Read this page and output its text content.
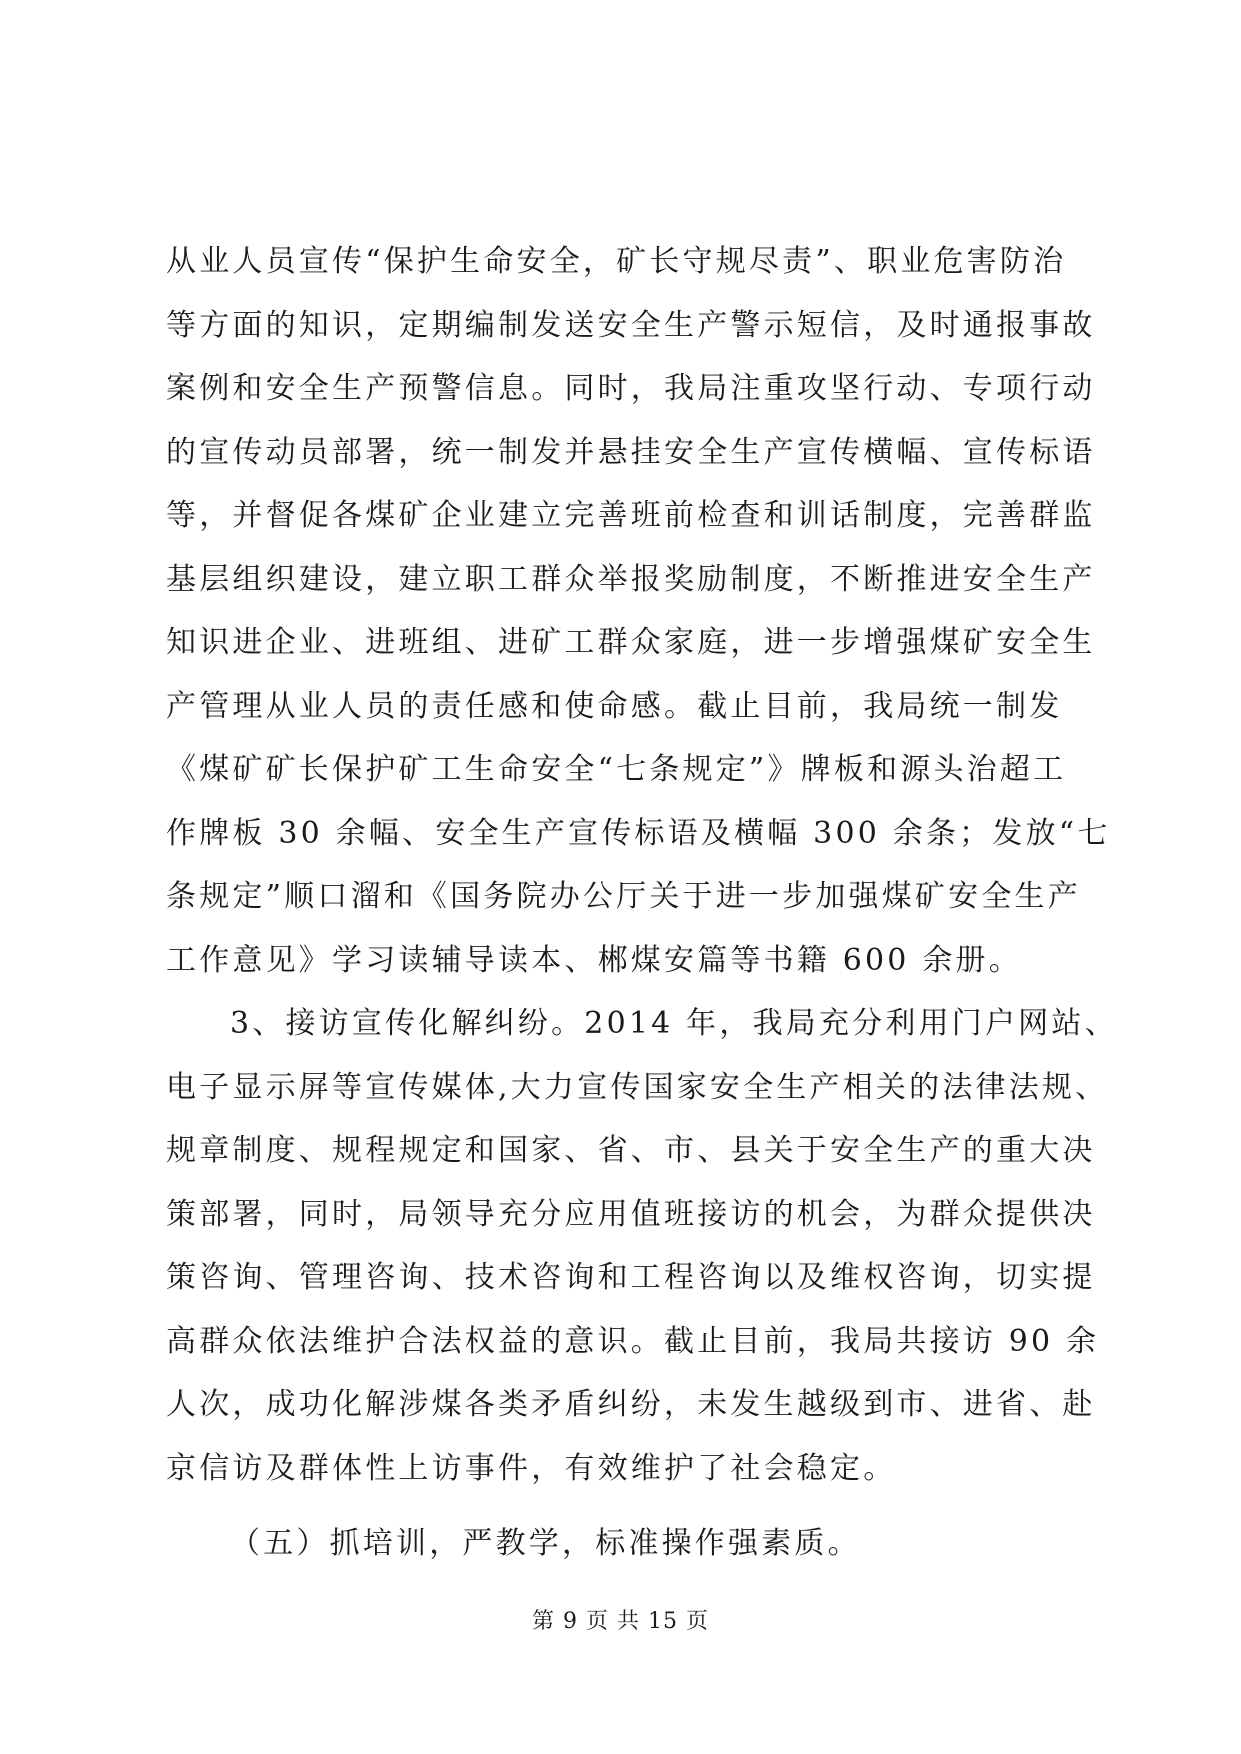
从业人员宣传“保护生命安全，矿长守规尽责”、职业危害防治
等方面的知识，定期编制发送安全生产警示短信，及时通报事故
案例和安全生产预警信息。同时，我局注重攻坚行动、专项行动
的宣传动员部署，统一制发并悬挂安全生产宣传横幅、宣传标语
等，并督促各煤矿企业建立完善班前检查和训话制度，完善群监
基层组织建设，建立职工群众举报奖励制度，不断推进安全生产
知识进企业、进班组、进矿工群众家庭，进一步增强煤矿安全生
产管理从业人员的责任感和使命感。截止目前，我局统一制发
《煤矿矿长保护矿工生命安全“七条规定”》牌板和源头治超工
作牌板 30 余幅、安全生产宣传标语及横幅 300 余条；发放“七
条规定”顺口溜和《国务院办公厅关于进一步加强煤矿安全生产
工作意见》学习读辅导读本、郴煤安篇等书籍 600 余册。
3、接访宣传化解纠纷。2014 年，我局充分利用门户网站、
电子显示屏等宣传媒体,大力宣传国家安全生产相关的法律法规、
规章制度、规程规定和国家、省、市、县关于安全生产的重大决
策部署，同时，局领导充分应用值班接访的机会，为群众提供决
策咨询、管理咨询、技术咨询和工程咨询以及维权咨询，切实提
高群众依法维护合法权益的意识。截止目前，我局共接访 90 余
人次，成功化解涉煤各类矛盾纠纷，未发生越级到市、进省、赴
京信访及群体性上访事件，有效维护了社会稳定。
（五）抓培训，严教学，标准操作强素质。
第 9 页 共 15 页
